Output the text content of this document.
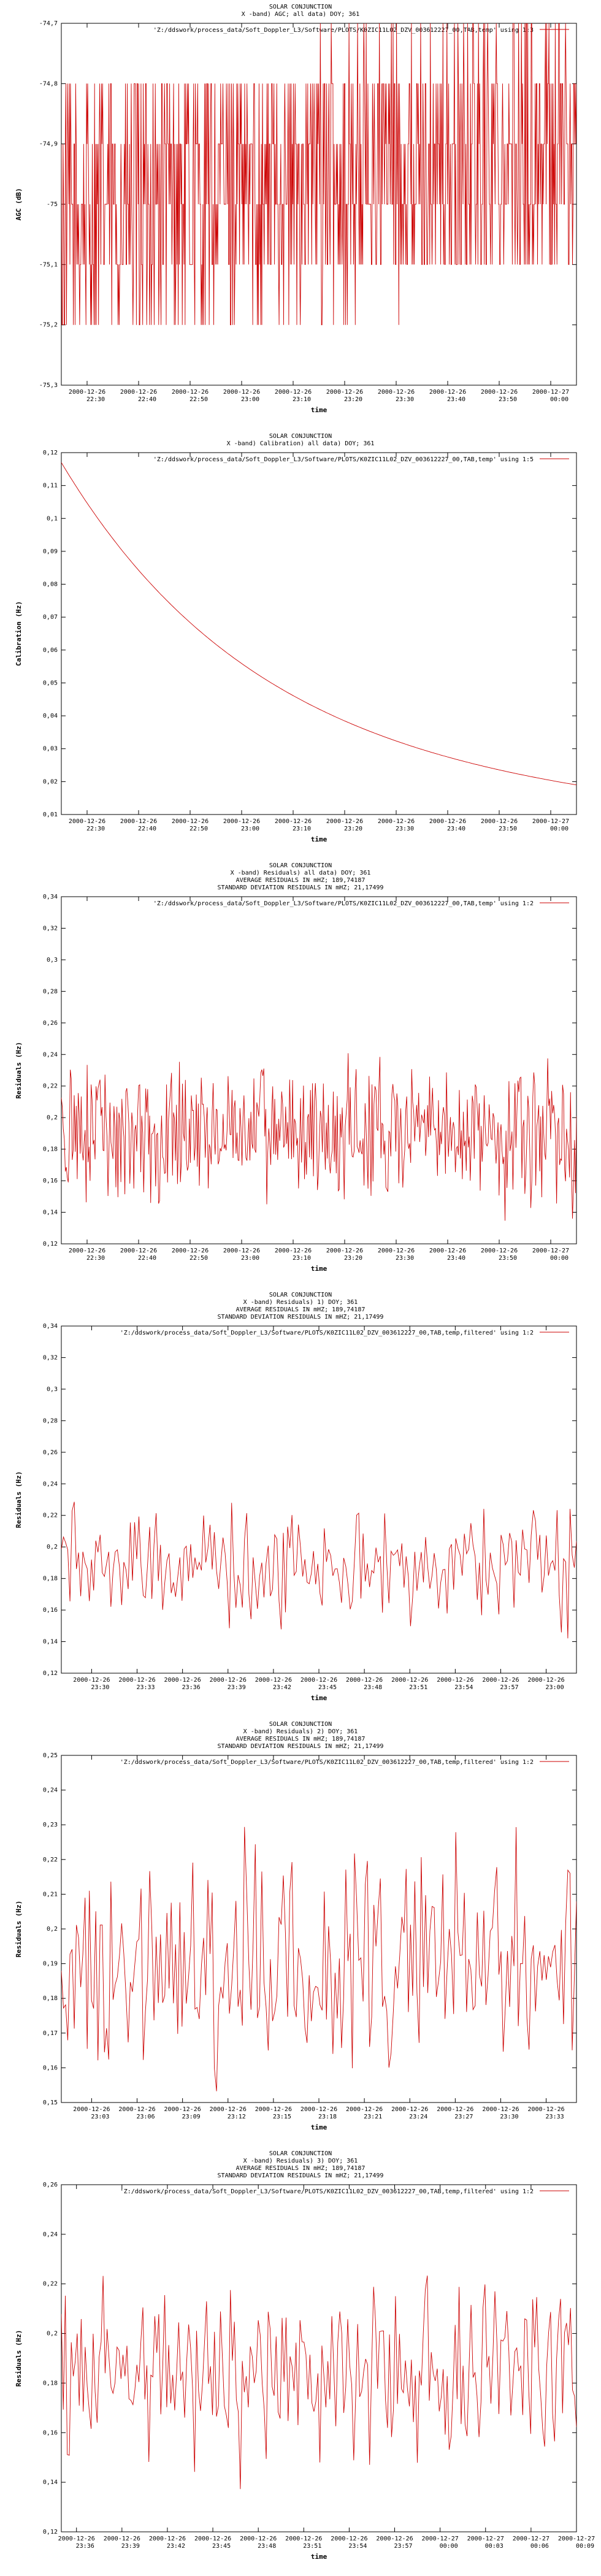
SOLAR CONJUNCTION
X -band) AGC; all data) DOY; 361
-74,7
-74,8
-74,9
-75
-75,1
-75,2
-75,3
2000-12-26
22:30
2000-12-26
22:40
2000-12-26
22:50
2000-12-26
23:00
2000-12-26
23:10
2000-12-26
23:20
2000-12-26
23:30
2000-12-26
23:40
2000-12-26
23:50
2000-12-27
00:00
time
AGC (dB)
'Z:/ddswork/process_data/Soft_Doppler_L3/Software/PLOTS/K0ZIC11L02_DZV_003612227_00,TAB,temp' using 1:3
SOLAR CONJUNCTION
X -band) Calibration) all data) DOY; 361
0,12
0,11
0,1
0,09
0,08
0,07
0,06
0,05
0,04
0,03
0,02
0,01
2000-12-26
22:30
2000-12-26
22:40
2000-12-26
22:50
2000-12-26
23:00
2000-12-26
23:10
2000-12-26
23:20
2000-12-26
23:30
2000-12-26
23:40
2000-12-26
23:50
2000-12-27
00:00
time
Calibration (Hz)
'Z:/ddswork/process_data/Soft_Doppler_L3/Software/PLOTS/K0ZIC11L02_DZV_003612227_00,TAB,temp' using 1:5
SOLAR CONJUNCTION
X -band) Residuals) all data) DOY; 361
AVERAGE RESIDUALS IN mHZ; 189,74187
STANDARD DEVIATION RESIDUALS IN mHZ; 21,17499
0,34
0,32
0,3
0,28
0,26
0,24
0,22
0,2
0,18
0,16
0,14
0,12
2000-12-26
22:30
2000-12-26
22:40
2000-12-26
22:50
2000-12-26
23:00
2000-12-26
23:10
2000-12-26
23:20
2000-12-26
23:30
2000-12-26
23:40
2000-12-26
23:50
2000-12-27
00:00
time
Residuals (Hz)
'Z:/ddswork/process_data/Soft_Doppler_L3/Software/PLOTS/K0ZIC11L02_DZV_003612227_00,TAB,temp' using 1:2
SOLAR CONJUNCTION
X -band) Residuals) 1) DOY; 361
AVERAGE RESIDUALS IN mHZ; 189,74187
STANDARD DEVIATION RESIDUALS IN mHZ; 21,17499
0,34
0,32
0,3
0,28
0,26
0,24
0,22
0,2
0,18
0,16
0,14
0,12
2000-12-26
23:30
2000-12-26
23:33
2000-12-26
23:36
2000-12-26
23:39
2000-12-26
23:42
2000-12-26
23:45
2000-12-26
23:48
2000-12-26
23:51
2000-12-26
23:54
2000-12-26
23:57
2000-12-26
23:00
time
Residuals (Hz)
'Z:/ddswork/process_data/Soft_Doppler_L3/Software/PLOTS/K0ZIC11L02_DZV_003612227_00,TAB,temp,filtered' using 1:2
SOLAR CONJUNCTION
X -band) Residuals) 2) DOY; 361
AVERAGE RESIDUALS IN mHZ; 189,74187
STANDARD DEVIATION RESIDUALS IN mHZ; 21,17499
0,25
0,24
0,23
0,22
0,21
0,2
0,19
0,18
0,17
0,16
0,15
2000-12-26
23:03
2000-12-26
23:06
2000-12-26
23:09
2000-12-26
23:12
2000-12-26
23:15
2000-12-26
23:18
2000-12-26
23:21
2000-12-26
23:24
2000-12-26
23:27
2000-12-26
23:30
2000-12-26
23:33
time
Residuals (Hz)
'Z:/ddswork/process_data/Soft_Doppler_L3/Software/PLOTS/K0ZIC11L02_DZV_003612227_00,TAB,temp,filtered' using 1:2
SOLAR CONJUNCTION
X -band) Residuals) 3) DOY; 361
AVERAGE RESIDUALS IN mHZ; 189,74187
STANDARD DEVIATION RESIDUALS IN mHZ; 21,17499
0,26
0,24
0,22
0,2
0,18
0,16
0,14
0,12
2000-12-26
23:36
2000-12-26
23:39
2000-12-26
23:42
2000-12-26
23:45
2000-12-26
23:48
2000-12-26
23:51
2000-12-26
23:54
2000-12-26
23:57
2000-12-27
00:00
2000-12-27
00:03
2000-12-27
00:06
2000-12-27
00:09
time
Residuals (Hz)
'Z:/ddswork/process_data/Soft_Doppler_L3/Software/PLOTS/K0ZIC11L02_DZV_003612227_00,TAB,temp,filtered' using 1:2
